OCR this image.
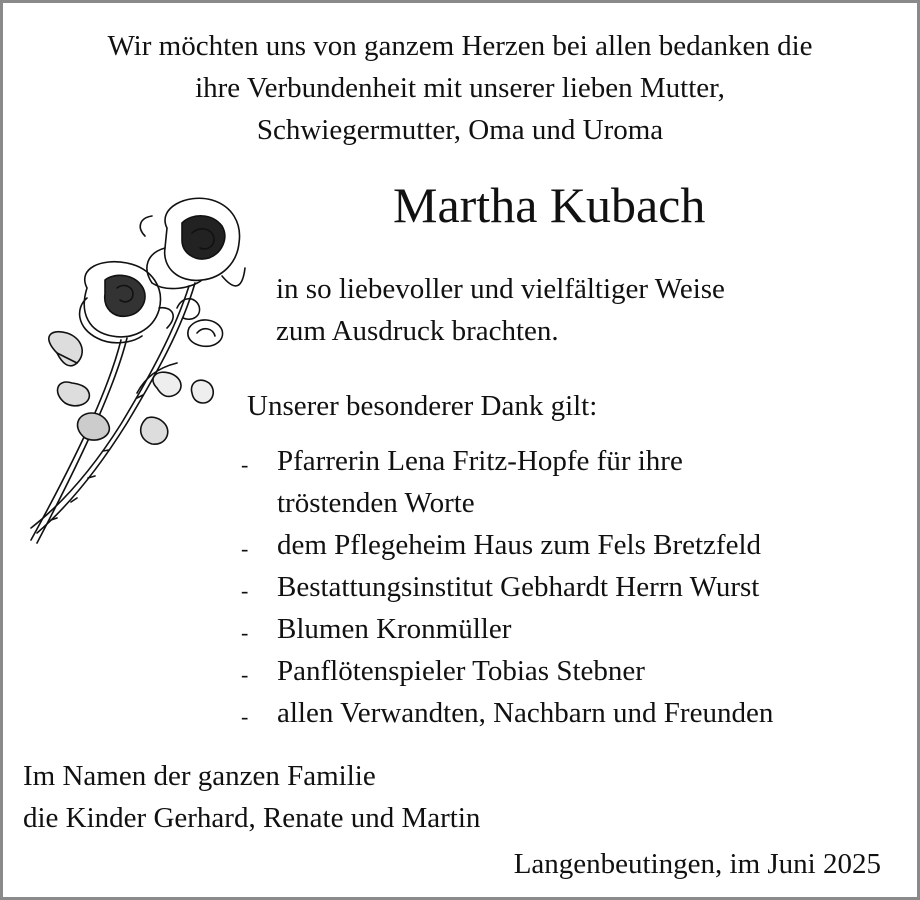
Wir möchten uns von ganzem Herzen bei allen bedanken die
ihre Verbundenheit mit unserer lieben Mutter,
Schwiegermutter, Oma und Uroma
Martha Kubach
in so liebevoller und vielfältiger Weise
zum Ausdruck brachten.
Unserer besonderer Dank gilt:
- Pfarrerin Lena Fritz-Hopfe für ihre
tröstenden Worte
- dem Pflegeheim Haus zum Fels Bretzfeld
- Bestattungsinstitut Gebhardt Herrn Wurst
- Blumen Kronmüller
- Panflötenspieler Tobias Stebner
- allen Verwandten, Nachbarn und Freunden
Im Namen der ganzen Familie
die Kinder Gerhard, Renate und Martin
Langenbeutingen, im Juni 2025
